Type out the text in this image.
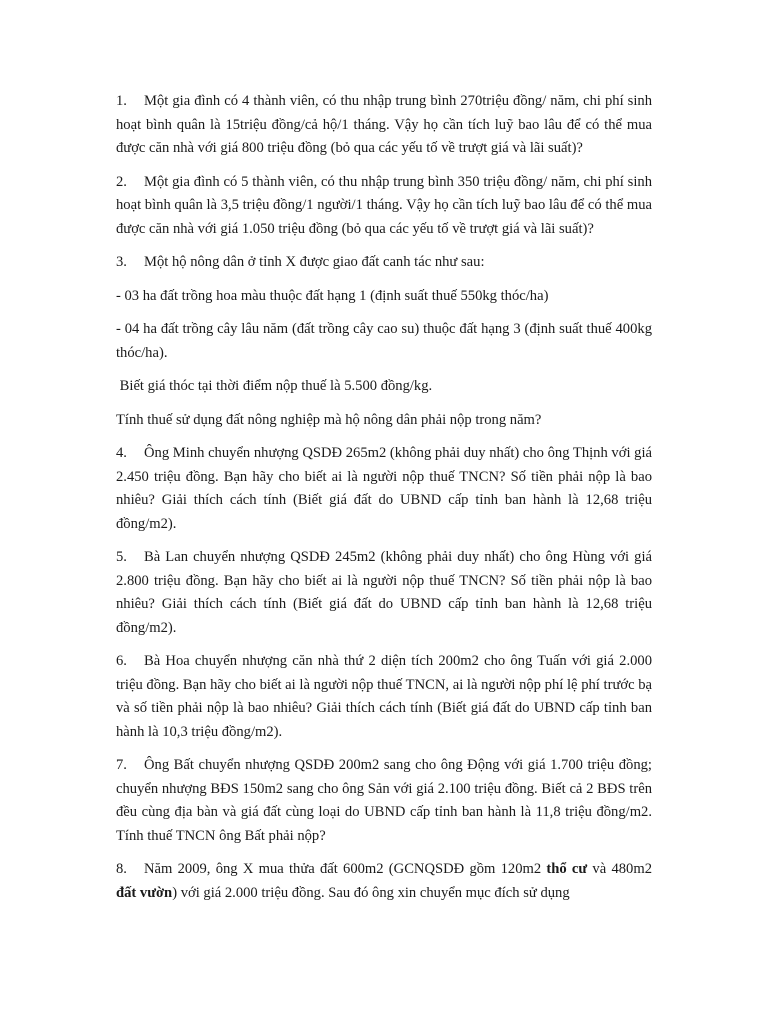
1. Một gia đình có 4 thành viên, có thu nhập trung bình 270triệu đồng/ năm, chi phí sinh hoạt bình quân là 15triệu đồng/cả hộ/1 tháng. Vậy họ cần tích luỹ bao lâu để có thể mua được căn nhà với giá 800 triệu đồng (bỏ qua các yếu tố về trượt giá và lãi suất)?

2. Một gia đình có 5 thành viên, có thu nhập trung bình 350 triệu đồng/ năm, chi phí sinh hoạt bình quân là 3,5 triệu đồng/1 người/1 tháng. Vậy họ cần tích luỹ bao lâu để có thể mua được căn nhà với giá 1.050 triệu đồng (bỏ qua các yếu tố về trượt giá và lãi suất)?

3. Một hộ nông dân ở tỉnh X được giao đất canh tác như sau:

- 03 ha đất trồng hoa màu thuộc đất hạng 1 (định suất thuế 550kg thóc/ha)

- 04 ha đất trồng cây lâu năm (đất trồng cây cao su) thuộc đất hạng 3 (định suất thuế 400kg thóc/ha).

Biết giá thóc tại thời điểm nộp thuế là 5.500 đồng/kg.

Tính thuế sử dụng đất nông nghiệp mà hộ nông dân phải nộp trong năm?

4. Ông Minh chuyển nhượng QSDĐ 265m2 (không phải duy nhất) cho ông Thịnh với giá 2.450 triệu đồng. Bạn hãy cho biết ai là người nộp thuế TNCN? Số tiền phải nộp là bao nhiêu? Giải thích cách tính (Biết giá đất do UBND cấp tỉnh ban hành là 12,68 triệu đồng/m2).

5. Bà Lan chuyển nhượng QSDĐ 245m2 (không phải duy nhất) cho ông Hùng với giá 2.800 triệu đồng. Bạn hãy cho biết ai là người nộp thuế TNCN? Số tiền phải nộp là bao nhiêu? Giải thích cách tính (Biết giá đất do UBND cấp tỉnh ban hành là 12,68 triệu đồng/m2).

6. Bà Hoa chuyển nhượng căn nhà thứ 2 diện tích 200m2 cho ông Tuấn với giá 2.000 triệu đồng. Bạn hãy cho biết ai là người nộp thuế TNCN, ai là người nộp phí lệ phí trước bạ và số tiền phải nộp là bao nhiêu? Giải thích cách tính (Biết giá đất do UBND cấp tỉnh ban hành là 10,3 triệu đồng/m2).

7. Ông Bất chuyển nhượng QSDĐ 200m2 sang cho ông Động với giá 1.700 triệu đồng; chuyển nhượng BĐS 150m2 sang cho ông Sản với giá 2.100 triệu đồng. Biết cả 2 BĐS trên đều cùng địa bàn và giá đất cùng loại do UBND cấp tỉnh ban hành là 11,8 triệu đồng/m2. Tính thuế TNCN ông Bất phải nộp?

8. Năm 2009, ông X mua thửa đất 600m2 (GCNQSDĐ gồm 120m2 thổ cư và 480m2 đất vườn) với giá 2.000 triệu đồng. Sau đó ông xin chuyển mục đích sử dụng
